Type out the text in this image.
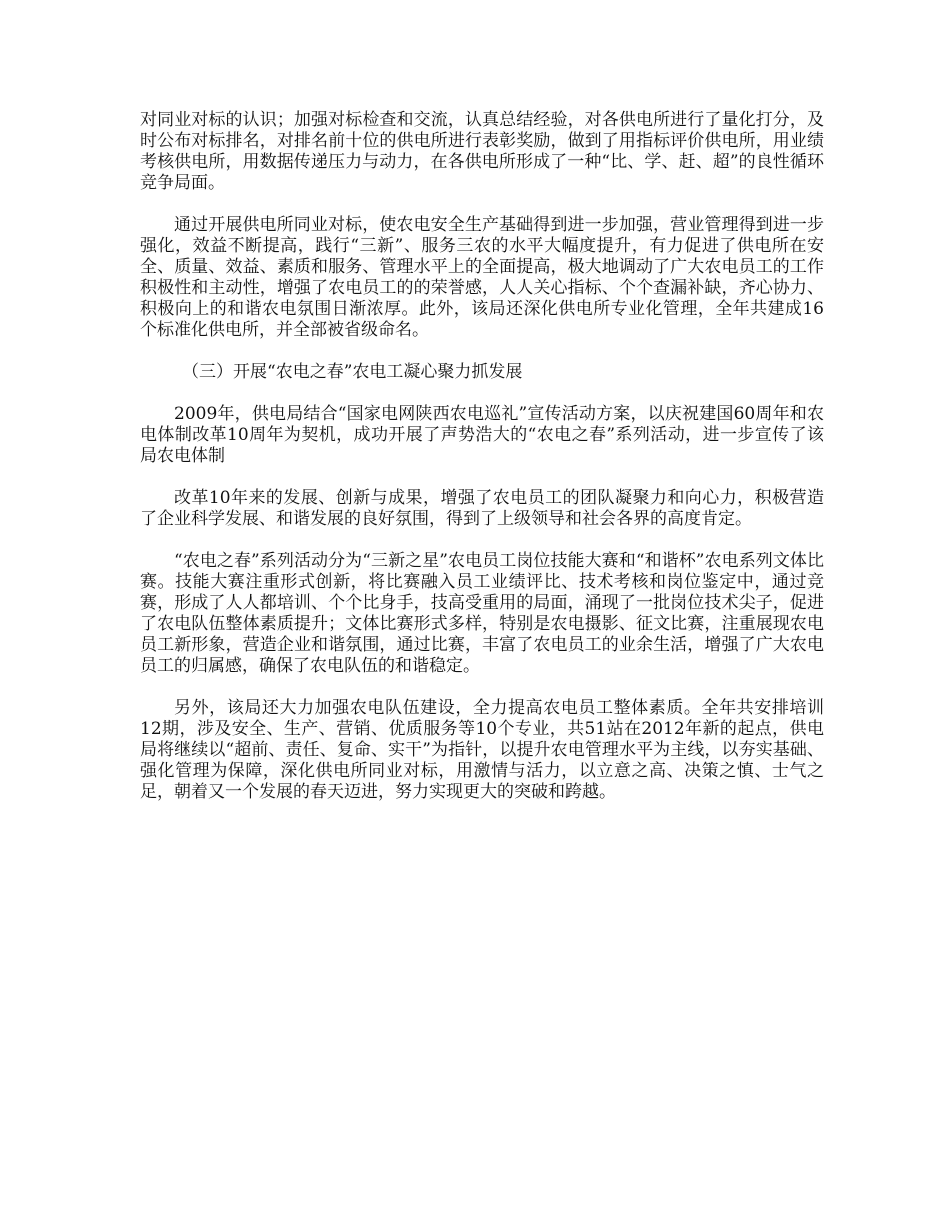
对同业对标的认识；加强对标检查和交流，认真总结经验，对各供电所进行了量化打分，及时公布对标排名，对排名前十位的供电所进行表彰奖励，做到了用指标评价供电所，用业绩考核供电所，用数据传递压力与动力，在各供电所形成了一种“比、学、赶、超”的良性循环竞争局面。

通过开展供电所同业对标，使农电安全生产基础得到进一步加强，营业管理得到进一步强化，效益不断提高，践行“三新”、服务三农的水平大幅度提升，有力促进了供电所在安全、质量、效益、素质和服务、管理水平上的全面提高，极大地调动了广大农电员工的工作积极性和主动性，增强了农电员工的的荣誉感，人人关心指标、个个查漏补缺，齐心协力、积极向上的和谐农电氛围日渐浓厚。此外，该局还深化供电所专业化管理，全年共建成16个标准化供电所，并全部被省级命名。

（三）开展“农电之春”农电工凝心聚力抓发展

2009年，供电局结合“国家电网陕西农电巡礼”宣传活动方案，以庆祝建国60周年和农电体制改革10周年为契机，成功开展了声势浩大的“农电之春”系列活动，进一步宣传了该局农电体制

改革10年来的发展、创新与成果，增强了农电员工的团队凝聚力和向心力，积极营造了企业科学发展、和谐发展的良好氛围，得到了上级领导和社会各界的高度肯定。

“农电之春”系列活动分为“三新之星”农电员工岗位技能大赛和“和谐杯”农电系列文体比赛。技能大赛注重形式创新，将比赛融入员工业绩评比、技术考核和岗位鉴定中，通过竞赛，形成了人人都培训、个个比身手，技高受重用的局面，涌现了一批岗位技术尖子，促进了农电队伍整体素质提升；文体比赛形式多样，特别是农电摄影、征文比赛，注重展现农电员工新形象，营造企业和谐氛围，通过比赛，丰富了农电员工的业余生活，增强了广大农电员工的归属感，确保了农电队伍的和谐稳定。

另外，该局还大力加强农电队伍建设，全力提高农电员工整体素质。全年共安排培训12期，涉及安全、生产、营销、优质服务等10个专业，共51站在2012年新的起点，供电局将继续以“超前、责任、复命、实干”为指针，以提升农电管理水平为主线，以夯实基础、强化管理为保障，深化供电所同业对标，用激情与活力，以立意之高、决策之慎、士气之足，朝着又一个发展的春天迈进，努力实现更大的突破和跨越。
